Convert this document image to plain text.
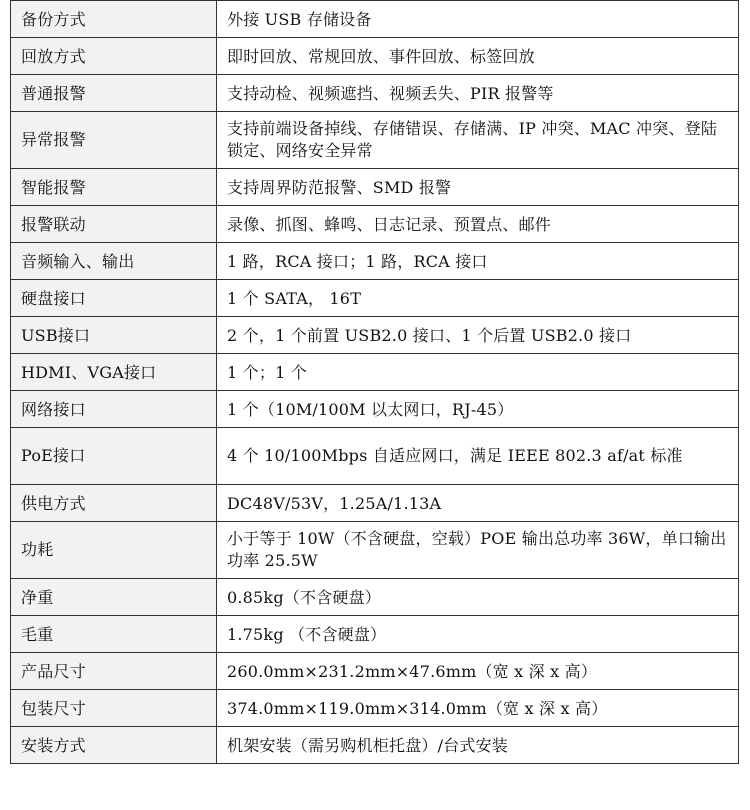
备份方式	外接 USB 存储设备
回放方式	即时回放、常规回放、事件回放、标签回放
普通报警	支持动检、视频遮挡、视频丢失、PIR 报警等
异常报警	支持前端设备掉线、存储错误、存储满、IP 冲突、MAC 冲突、登陆锁定、网络安全异常
智能报警	支持周界防范报警、SMD 报警
报警联动	录像、抓图、蜂鸣、日志记录、预置点、邮件
音频输入、输出	1 路，RCA 接口；1 路，RCA 接口
硬盘接口	1 个 SATA， 16T
USB接口	2 个，1 个前置 USB2.0 接口、1 个后置 USB2.0 接口
HDMI、VGA接口	1 个；1 个
网络接口	1 个（10M/100M 以太网口，RJ-45）
PoE接口	4 个 10/100Mbps 自适应网口，满足 IEEE 802.3 af/at 标准
供电方式	DC48V/53V，1.25A/1.13A
功耗	小于等于 10W（不含硬盘，空载）POE 输出总功率 36W，单口输出功率 25.5W
净重	0.85kg（不含硬盘）
毛重	1.75kg （不含硬盘）
产品尺寸	260.0mm×231.2mm×47.6mm（宽 x 深 x 高）
包装尺寸	374.0mm×119.0mm×314.0mm（宽 x 深 x 高）
安装方式	机架安装（需另购机柜托盘）/台式安装
